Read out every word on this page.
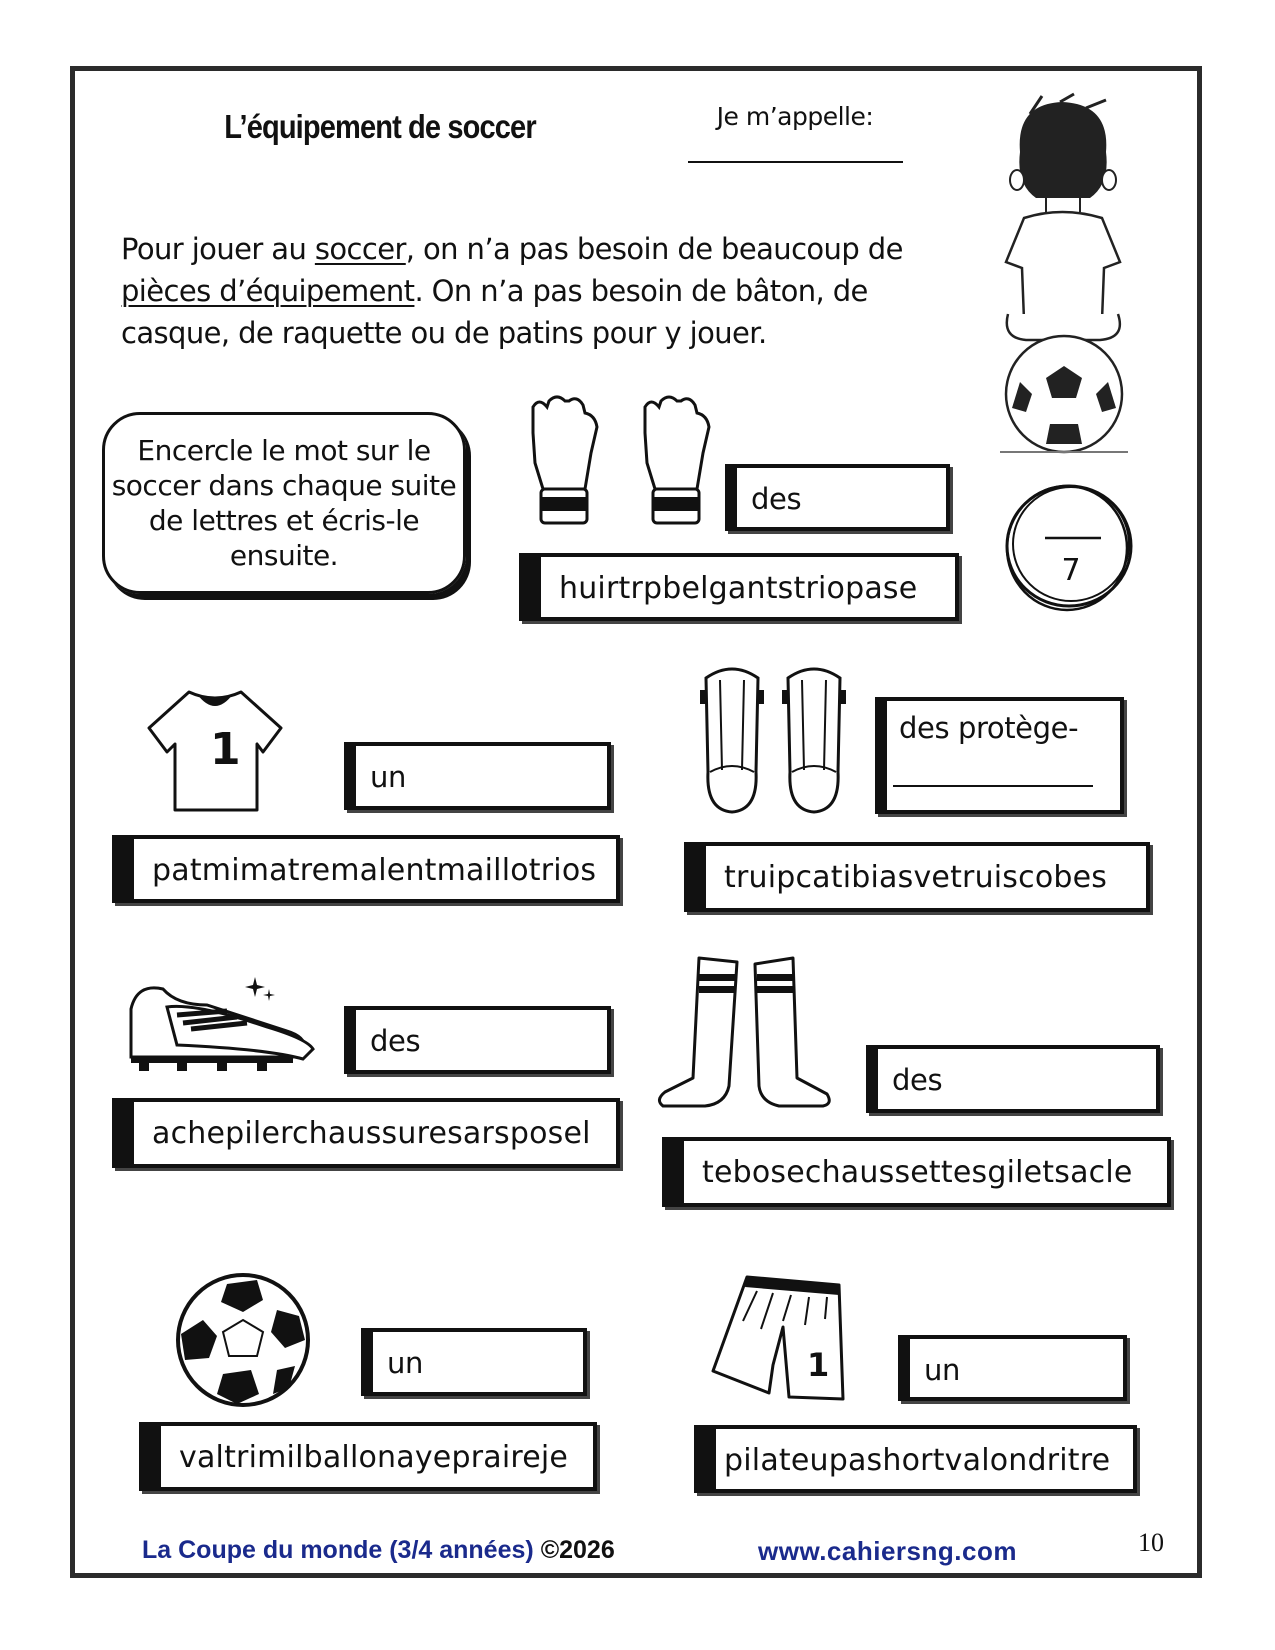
L’équipement de soccer	Je m’appelle:
Pour jouer au soccer, on n’a pas besoin de beaucoup de pièces d’équipement. On n’a pas besoin de bâton, de casque, de raquette ou de patins pour y jouer.
Encercle le mot sur le soccer dans chaque suite de lettres et écris-le ensuite.	7
des
huirtrpbelgantstriopase
1
un
patmimatremalentmaillotrios
des protège-
truipcatibiasvetruiscobes
des
achepilerchaussuresarsposel
des
tebosechaussettesgiletsacle
un
valtrimilballonayepraireje
1	un
pilateupashortvalondritre
La Coupe du monde (3/4 années) ©2026	www.cahiersng.com	10
